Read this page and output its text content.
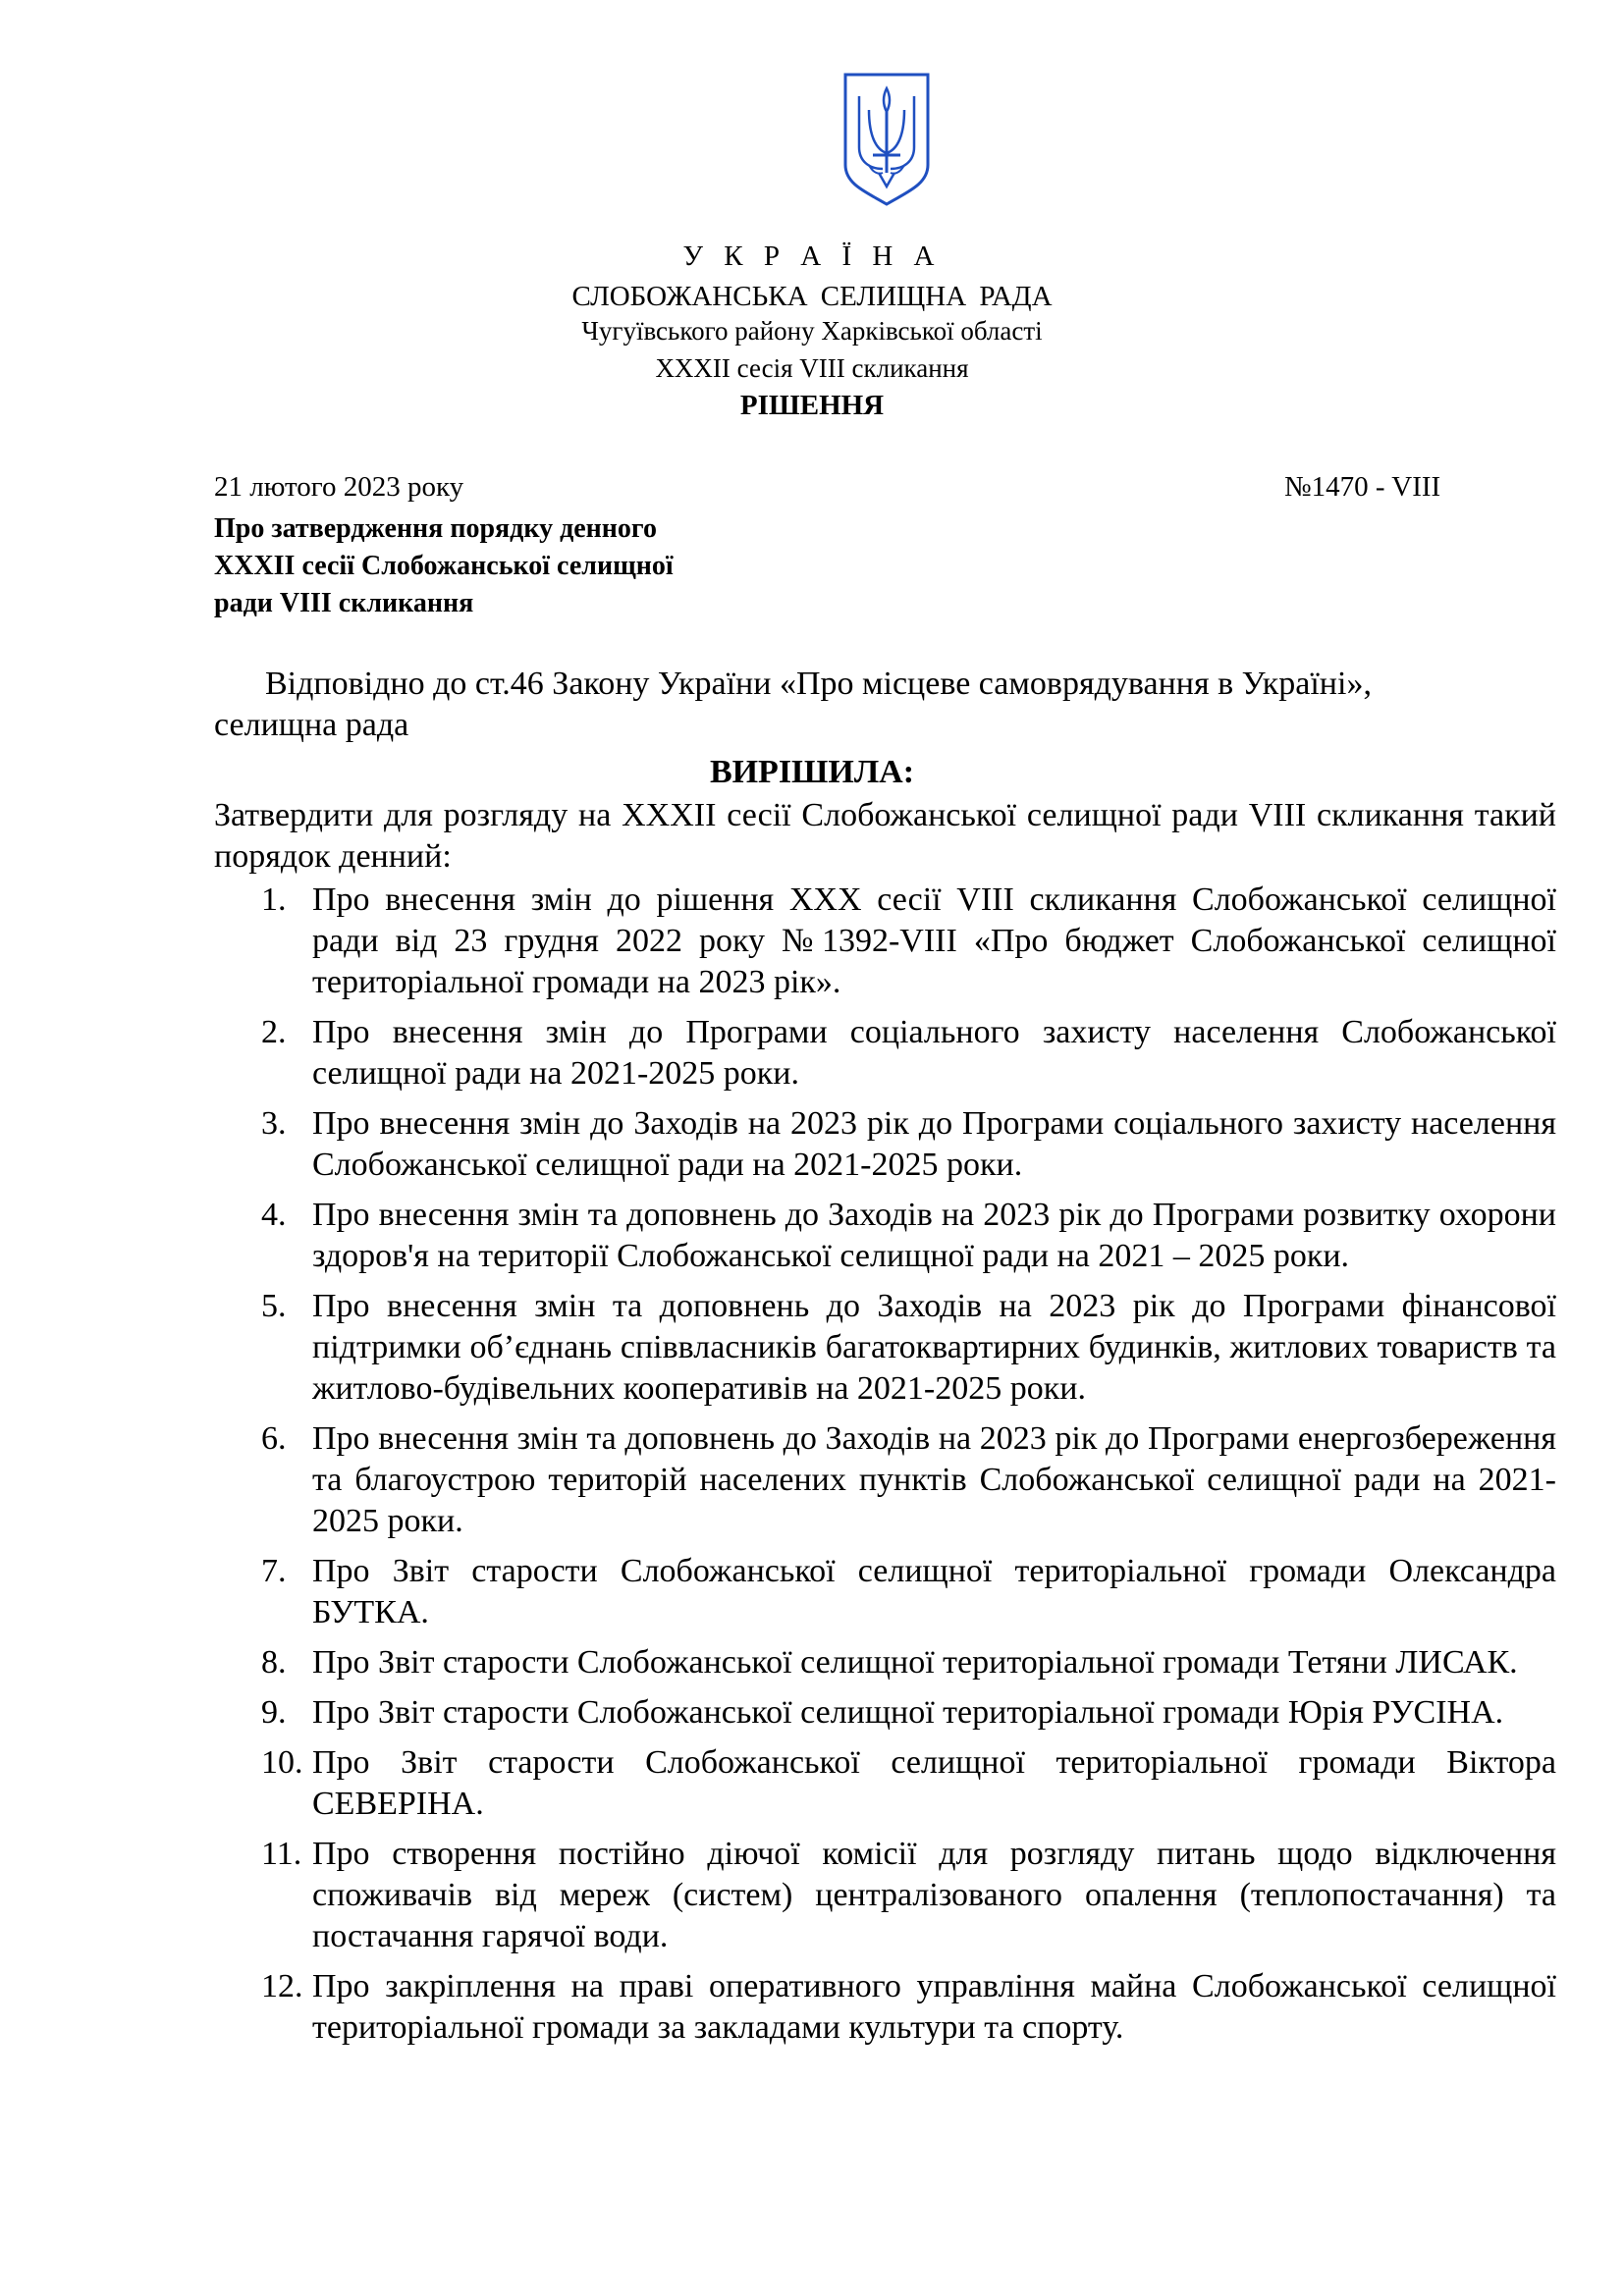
У К Р А Ї Н А
СЛОБОЖАНСЬКА СЕЛИЩНА РАДА
Чугуївського району Харківської області
XXXII сесія VIII скликання
РІШЕННЯ
21 лютого 2023 року	№1470 - VIII
Про затвердження порядку денного
XXXII сесії Слобожанської селищної
ради VIII скликання
Відповідно до ст.46 Закону України «Про місцеве самоврядування в Україні»,
селищна рада
ВИРІШИЛА:
Затвердити для розгляду на XXXII сесії Слобожанської селищної ради VIII скликання такий порядок денний:
1. Про внесення змін до рішення XXX сесії VIII скликання Слобожанської селищної ради від 23 грудня 2022 року №1392-VIII «Про бюджет Слобожанської селищної територіальної громади на 2023 рік».
2. Про внесення змін до Програми соціального захисту населення Слобожанської селищної ради на 2021-2025 роки.
3. Про внесення змін до Заходів на 2023 рік до Програми соціального захисту населення Слобожанської селищної ради на 2021-2025 роки.
4. Про внесення змін та доповнень до Заходів на 2023 рік до Програми розвитку охорони здоров'я на території Слобожанської селищної ради на 2021 – 2025 роки.
5. Про внесення змін та доповнень до Заходів на 2023 рік до Програми фінансової підтримки об’єднань співвласників багатоквартирних будинків, житлових товариств та житлово-будівельних кооперативів на 2021-2025 роки.
6. Про внесення змін та доповнень до Заходів на 2023 рік до Програми енергозбереження та благоустрою територій населених пунктів Слобожанської селищної ради на 2021-2025 роки.
7. Про Звіт старости Слобожанської селищної територіальної громади Олександра БУТКА.
8. Про Звіт старости Слобожанської селищної територіальної громади Тетяни ЛИСАК.
9. Про Звіт старости Слобожанської селищної територіальної громади Юрія РУСІНА.
10. Про Звіт старости Слобожанської селищної територіальної громади Віктора СЕВЕРІНА.
11. Про створення постійно діючої комісії для розгляду питань щодо відключення споживачів від мереж (систем) централізованого опалення (теплопостачання) та постачання гарячої води.
12. Про закріплення на праві оперативного управління майна Слобожанської селищної територіальної громади за закладами культури та спорту.
